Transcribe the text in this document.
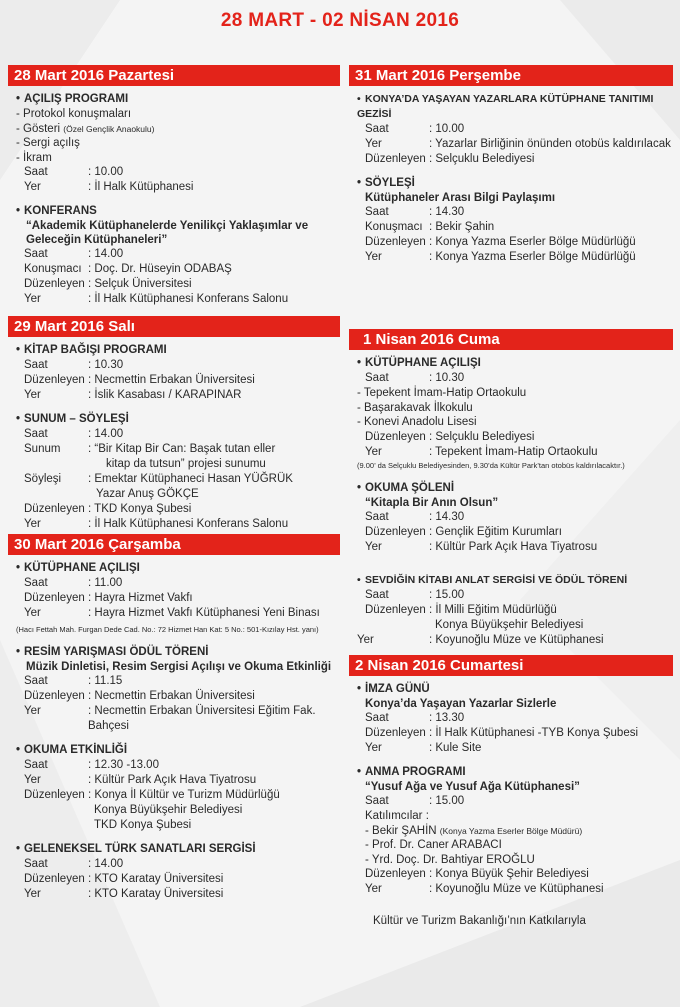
28 MART - 02 NİSAN 2016
28 Mart 2016 Pazartesi
• AÇILIŞ PROGRAMI
- Protokol konuşmaları
- Gösteri (Özel Gençlik Anaokulu)
- Sergi açılış
- İkram
Saat	: 10.00
Yer	: İl Halk Kütüphanesi
• KONFERANS
“Akademik Kütüphanelerde Yenilikçi Yaklaşımlar ve
Geleceğin Kütüphaneleri”
Saat	: 14.00
Konuşmacı : Doç. Dr. Hüseyin ODABAŞ
Düzenleyen : Selçuk Üniversitesi
Yer	: İl Halk Kütüphanesi Konferans Salonu
29 Mart 2016 Salı
• KİTAP BAĞIŞI PROGRAMI
Saat	: 10.30
Düzenleyen : Necmettin Erbakan Üniversitesi
Yer	: İslik Kasabası / KARAPINAR
• SUNUM – SÖYLEŞİ
Saat	: 14.00
Sunum	: “Bir Kitap Bir Can: Başak tutan eller
kitap da tutsun” projesi sunumu
Söyleşi	: Emektar Kütüphaneci Hasan YÜĞRÜK
Yazar Anuş GÖKÇE
Düzenleyen : TKD Konya Şubesi
Yer	: İl Halk Kütüphanesi Konferans Salonu
30 Mart 2016 Çarşamba
• KÜTÜPHANE AÇILIŞI
Saat	: 11.00
Düzenleyen : Hayra Hizmet Vakfı
Yer	: Hayra Hizmet Vakfı Kütüphanesi Yeni Binası
(Hacı Fettah Mah. Furgan Dede Cad. No.: 72 Hizmet Han Kat: 5 No.: 501-Kızılay Hst. yanı)
• RESİM YARIŞMASI ÖDÜL TÖRENİ
Müzik Dinletisi, Resim Sergisi Açılışı ve Okuma Etkinliği
Saat	: 11.15
Düzenleyen : Necmettin Erbakan Üniversitesi
Yer	: Necmettin Erbakan Üniversitesi Eğitim Fak. Bahçesi
• OKUMA ETKİNLİĞİ
Saat	: 12.30 -13.00
Yer	: Kültür Park Açık Hava Tiyatrosu
Düzenleyen : Konya İl Kültür ve Turizm Müdürlüğü
Konya Büyükşehir Belediyesi
TKD Konya Şubesi
• GELENEKSEL TÜRK SANATLARI SERGİSİ
Saat	: 14.00
Düzenleyen : KTO Karatay Üniversitesi
Yer	: KTO Karatay Üniversitesi
31 Mart 2016 Perşembe
• KONYA’DA YAŞAYAN YAZARLARA KÜTÜPHANE TANITIMI GEZİSİ
Saat	: 10.00
Yer	: Yazarlar Birliğinin önünden otobüs kaldırılacak
Düzenleyen : Selçuklu Belediyesi
• SÖYLEŞİ
Kütüphaneler Arası Bilgi Paylaşımı
Saat	: 14.30
Konuşmacı : Bekir Şahin
Düzenleyen : Konya Yazma Eserler Bölge Müdürlüğü
Yer	: Konya Yazma Eserler Bölge Müdürlüğü
1 Nisan 2016 Cuma
• KÜTÜPHANE AÇILIŞI
Saat	: 10.30
- Tepekent İmam-Hatip Ortaokulu
- Başarakavak İlkokulu
- Konevi Anadolu Lisesi
Düzenleyen : Selçuklu Belediyesi
Yer	: Tepekent İmam-Hatip Ortaokulu
(9.00’ da Selçuklu Belediyesinden, 9.30’da Kültür Park’tan otobüs kaldırılacaktır.)
• OKUMA ŞÖLENİ
“Kitapla Bir Anın Olsun”
Saat	: 14.30
Düzenleyen : Gençlik Eğitim Kurumları
Yer	: Kültür Park Açık Hava Tiyatrosu
• SEVDİĞİN KİTABI ANLAT SERGİSİ VE ÖDÜL TÖRENİ
Saat	: 15.00
Düzenleyen : İl Milli Eğitim Müdürlüğü
Konya Büyükşehir Belediyesi
Yer	: Koyunoğlu Müze ve Kütüphanesi
2 Nisan 2016 Cumartesi
• İMZA GÜNÜ
Konya’da Yaşayan Yazarlar Sizlerle
Saat	: 13.30
Düzenleyen : İl Halk Kütüphanesi -TYB Konya Şubesi
Yer	: Kule Site
• ANMA PROGRAMI
“Yusuf Ağa ve Yusuf Ağa Kütüphanesi”
Saat	: 15.00
Katılımcılar :
- Bekir ŞAHİN (Konya Yazma Eserler Bölge Müdürü)
- Prof. Dr. Caner ARABACI
- Yrd. Doç. Dr. Bahtiyar EROĞLU
Düzenleyen : Konya Büyük Şehir Belediyesi
Yer	: Koyunoğlu Müze ve Kütüphanesi
Kültür ve Turizm Bakanlığı’nın Katkılarıyla
